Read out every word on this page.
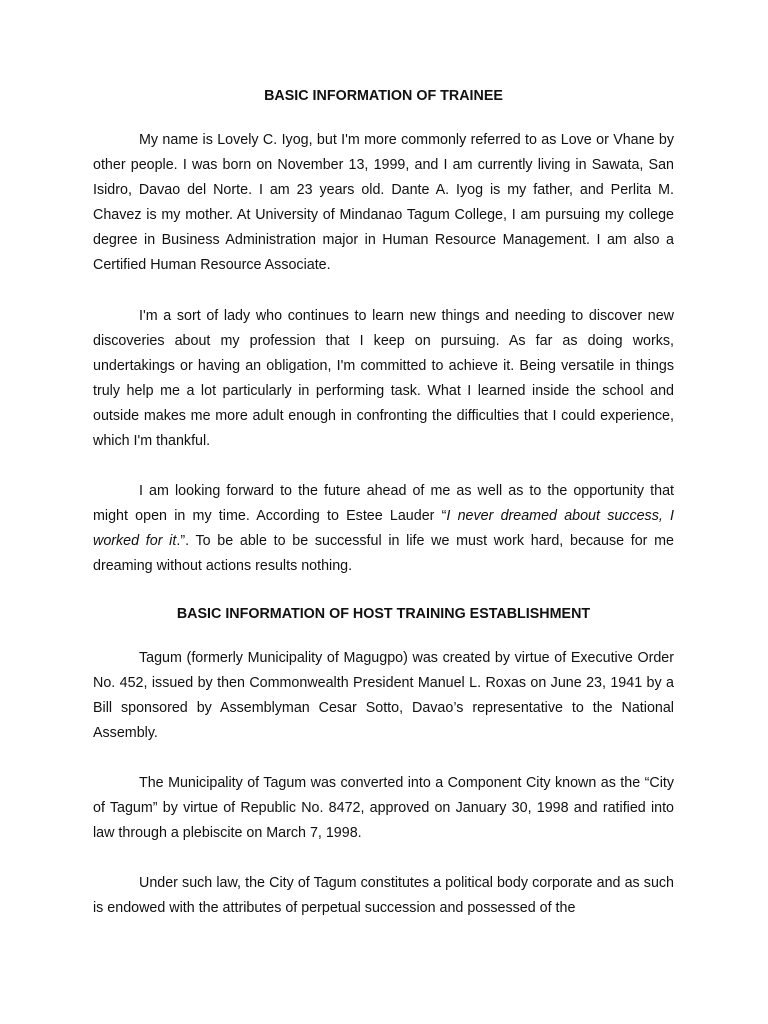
BASIC INFORMATION OF TRAINEE

My name is Lovely C. Iyog, but I'm more commonly referred to as Love or Vhane by other people. I was born on November 13, 1999, and I am currently living in Sawata, San Isidro, Davao del Norte. I am 23 years old. Dante A. Iyog is my father, and Perlita M. Chavez is my mother. At University of Mindanao Tagum College, I am pursuing my college degree in Business Administration major in Human Resource Management. I am also a Certified Human Resource Associate.

I'm a sort of lady who continues to learn new things and needing to discover new discoveries about my profession that I keep on pursuing. As far as doing works, undertakings or having an obligation, I'm committed to achieve it. Being versatile in things truly help me a lot particularly in performing task. What I learned inside the school and outside makes me more adult enough in confronting the difficulties that I could experience, which I'm thankful.

I am looking forward to the future ahead of me as well as to the opportunity that might open in my time. According to Estee Lauder “I never dreamed about success, I worked for it.”. To be able to be successful in life we must work hard, because for me dreaming without actions results nothing.

BASIC INFORMATION OF HOST TRAINING ESTABLISHMENT

Tagum (formerly Municipality of Magugpo) was created by virtue of Executive Order No. 452, issued by then Commonwealth President Manuel L. Roxas on June 23, 1941 by a Bill sponsored by Assemblyman Cesar Sotto, Davao’s representative to the National Assembly.

The Municipality of Tagum was converted into a Component City known as the “City of Tagum” by virtue of Republic No. 8472, approved on January 30, 1998 and ratified into law through a plebiscite on March 7, 1998.

Under such law, the City of Tagum constitutes a political body corporate and as such is endowed with the attributes of perpetual succession and possessed of the
